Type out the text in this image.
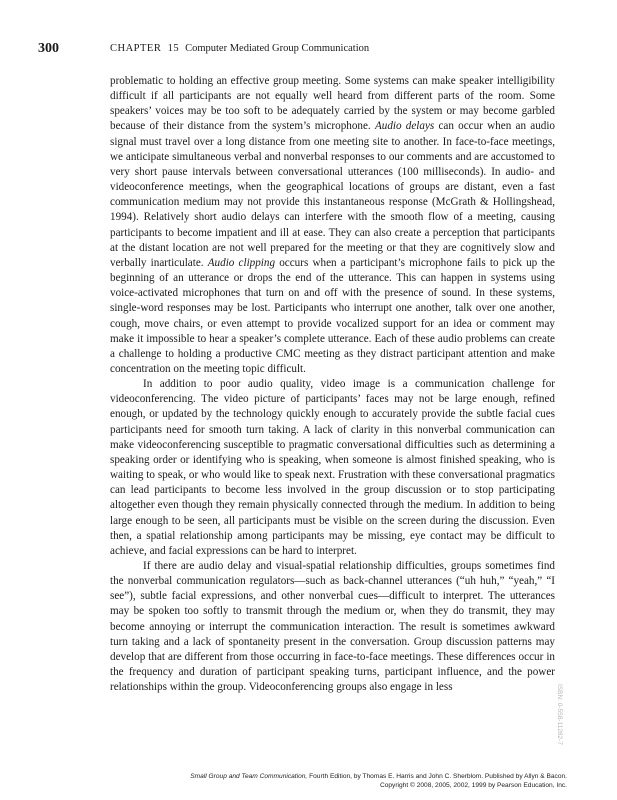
300	CHAPTER 15 Computer Mediated Group Communication

problematic to holding an effective group meeting. Some systems can make speaker intelligibility difficult if all participants are not equally well heard from different parts of the room. Some speakers’ voices may be too soft to be adequately carried by the system or may become garbled because of their distance from the system’s microphone. Audio delays can occur when an audio signal must travel over a long distance from one meeting site to another. In face-to-face meetings, we anticipate simultaneous verbal and nonverbal responses to our comments and are accustomed to very short pause intervals between conversational utterances (100 milliseconds). In audio- and videoconference meetings, when the geographical locations of groups are distant, even a fast communication medium may not provide this instantaneous response (McGrath & Hollingshead, 1994). Relatively short audio delays can interfere with the smooth flow of a meeting, causing participants to become impatient and ill at ease. They can also create a perception that participants at the distant location are not well prepared for the meeting or that they are cognitively slow and verbally inarticulate. Audio clipping occurs when a participant’s microphone fails to pick up the beginning of an utterance or drops the end of the utterance. This can happen in systems using voice-activated microphones that turn on and off with the presence of sound. In these systems, single-word responses may be lost. Participants who interrupt one another, talk over one another, cough, move chairs, or even attempt to provide vocalized support for an idea or comment may make it impossible to hear a speaker’s complete utterance. Each of these audio problems can create a challenge to holding a productive CMC meeting as they distract participant attention and make concentration on the meeting topic difficult.

In addition to poor audio quality, video image is a communication challenge for videoconferencing. The video picture of participants’ faces may not be large enough, refined enough, or updated by the technology quickly enough to accurately provide the subtle facial cues participants need for smooth turn taking. A lack of clarity in this nonverbal communication can make videoconferencing susceptible to pragmatic conversational difficulties such as determining a speaking order or identifying who is speaking, when someone is almost finished speaking, who is waiting to speak, or who would like to speak next. Frustration with these conversational pragmatics can lead participants to become less involved in the group discussion or to stop participating altogether even though they remain physically connected through the medium. In addition to being large enough to be seen, all participants must be visible on the screen during the discussion. Even then, a spatial relationship among participants may be missing, eye contact may be difficult to achieve, and facial expressions can be hard to interpret.

If there are audio delay and visual-spatial relationship difficulties, groups sometimes find the nonverbal communication regulators—such as back-channel utterances (“uh huh,” “yeah,” “I see”), subtle facial expressions, and other nonverbal cues—difficult to interpret. The utterances may be spoken too softly to transmit through the medium or, when they do transmit, they may become annoying or interrupt the communication interaction. The result is sometimes awkward turn taking and a lack of spontaneity present in the conversation. Group discussion patterns may develop that are different from those occurring in face-to-face meetings. These differences occur in the frequency and duration of participant speaking turns, participant influence, and the power relationships within the group. Videoconferencing groups also engage in less

Small Group and Team Communication, Fourth Edition, by Thomas E. Harris and John C. Sherblom. Published by Allyn & Bacon.
Copyright © 2008, 2005, 2002, 1999 by Pearson Education, Inc.
ISBN: 0-558-11282-7
